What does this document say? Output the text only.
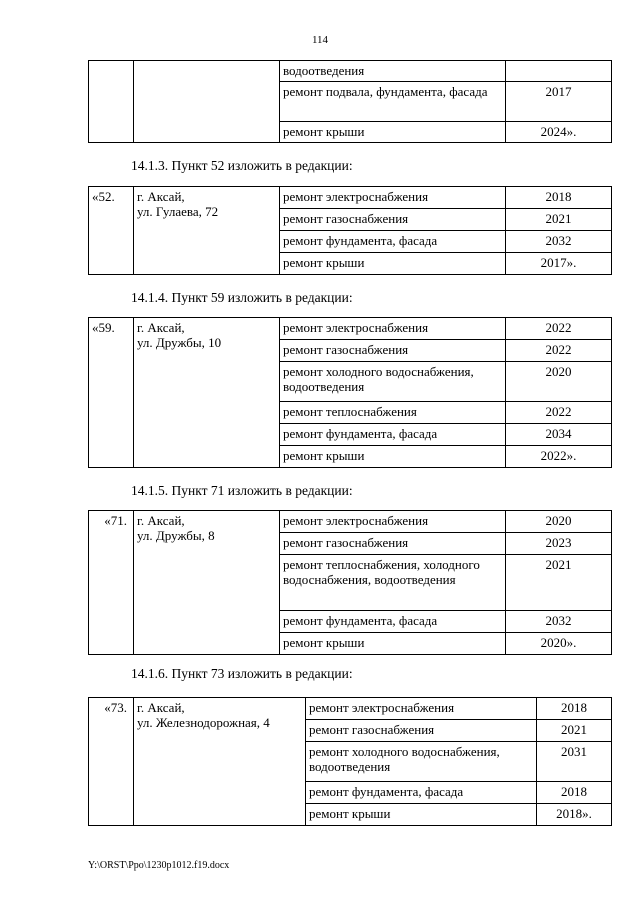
114
		водоотведения	
		ремонт подвала, фундамента, фасада	2017
		ремонт крыши	2024».
14.1.3. Пункт 52 изложить в редакции:
«52.	г. Аксай,
ул. Гулаева, 72	ремонт электроснабжения	2018
		ремонт газоснабжения	2021
		ремонт фундамента, фасада	2032
		ремонт крыши	2017».
14.1.4. Пункт 59 изложить в редакции:
«59.	г. Аксай,
ул. Дружбы, 10	ремонт электроснабжения	2022
		ремонт газоснабжения	2022
		ремонт холодного водоснабжения, водоотведения	2020
		ремонт теплоснабжения	2022
		ремонт фундамента, фасада	2034
		ремонт крыши	2022».
14.1.5. Пункт 71 изложить в редакции:
«71.	г. Аксай,
ул. Дружбы, 8	ремонт электроснабжения	2020
		ремонт газоснабжения	2023
		ремонт теплоснабжения, холодного водоснабжения, водоотведения	2021
		ремонт фундамента, фасада	2032
		ремонт крыши	2020».
14.1.6. Пункт 73 изложить в редакции:
«73.	г. Аксай,
ул. Железнодорожная, 4	ремонт электроснабжения	2018
		ремонт газоснабжения	2021
		ремонт холодного водоснабжения, водоотведения	2031
		ремонт фундамента, фасада	2018
		ремонт крыши	2018».
Y:\ORST\Ppo\1230p1012.f19.docx
